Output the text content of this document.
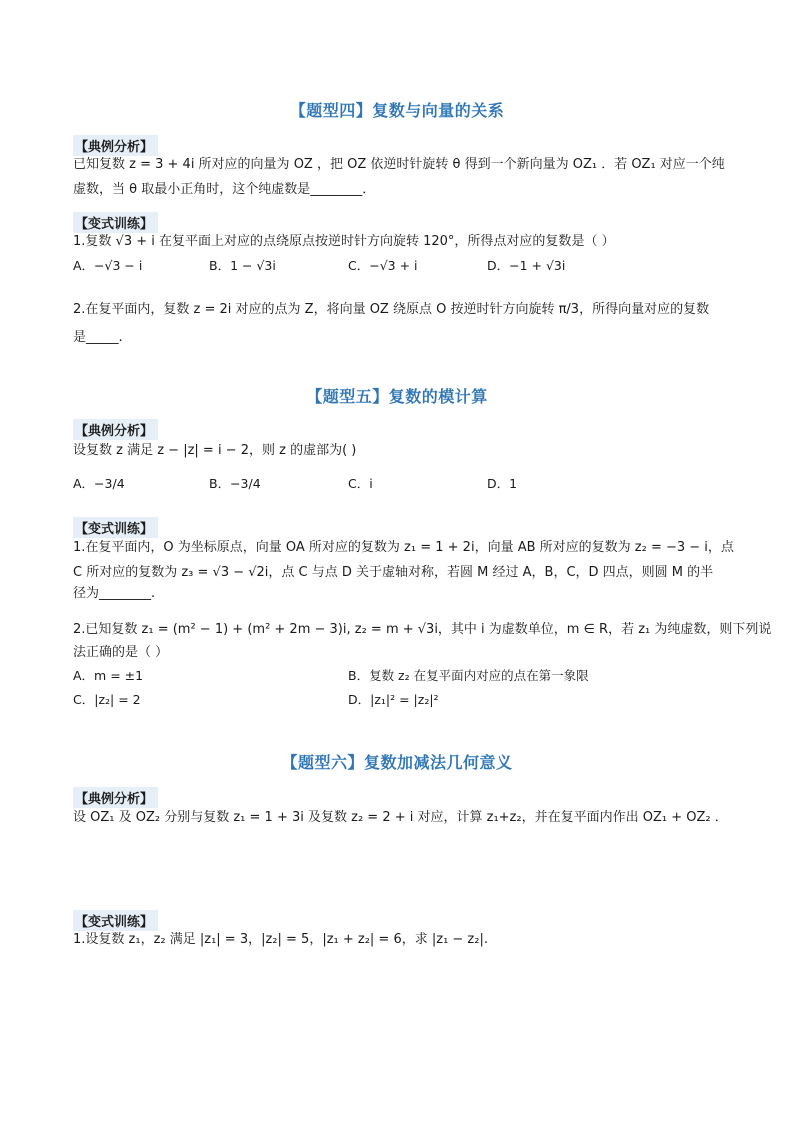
【题型四】复数与向量的关系
【典例分析】
已知复数 z = 3 + 4i 所对应的向量为 OZ ，把 OZ 依逆时针旋转 θ 得到一个新向量为 OZ₁ ．若 OZ₁ 对应一个纯
虚数，当 θ 取最小正角时，这个纯虚数是________．
【变式训练】
1.复数 √3 + i 在复平面上对应的点绕原点按逆时针方向旋转 120°，所得点对应的复数是（ ）
A．−√3 − i	B．1 − √3i	C．−√3 + i	D．−1 + √3i
2.在复平面内，复数 z = 2i 对应的点为 Z，将向量 OZ 绕原点 O 按逆时针方向旋转 π/3，所得向量对应的复数
是_____.
【题型五】复数的模计算
【典例分析】
设复数 z 满足 z − |z| = i − 2，则 z 的虚部为( )
A．−3/4	B．−3/4	C．i	D．1
【变式训练】
1.在复平面内，O 为坐标原点，向量 OA 所对应的复数为 z₁ = 1 + 2i，向量 AB 所对应的复数为 z₂ = −3 − i，点
C 所对应的复数为 z₃ = √3 − √2i，点 C 与点 D 关于虚轴对称，若圆 M 经过 A，B，C，D 四点，则圆 M 的半
径为________.
2.已知复数 z₁ = (m² − 1) + (m² + 2m − 3)i, z₂ = m + √3i，其中 i 为虚数单位，m ∈ R，若 z₁ 为纯虚数，则下列说
法正确的是（ ）
A．m = ±1	B．复数 z₂ 在复平面内对应的点在第一象限
C．|z₂| = 2	D．|z₁|² = |z₂|²
【题型六】复数加减法几何意义
【典例分析】
设 OZ₁ 及 OZ₂ 分别与复数 z₁ = 1 + 3i 及复数 z₂ = 2 + i 对应，计算 z₁+z₂，并在复平面内作出 OZ₁ + OZ₂ ．
【变式训练】
1.设复数 z₁，z₂ 满足 |z₁| = 3，|z₂| = 5，|z₁ + z₂| = 6，求 |z₁ − z₂|.
